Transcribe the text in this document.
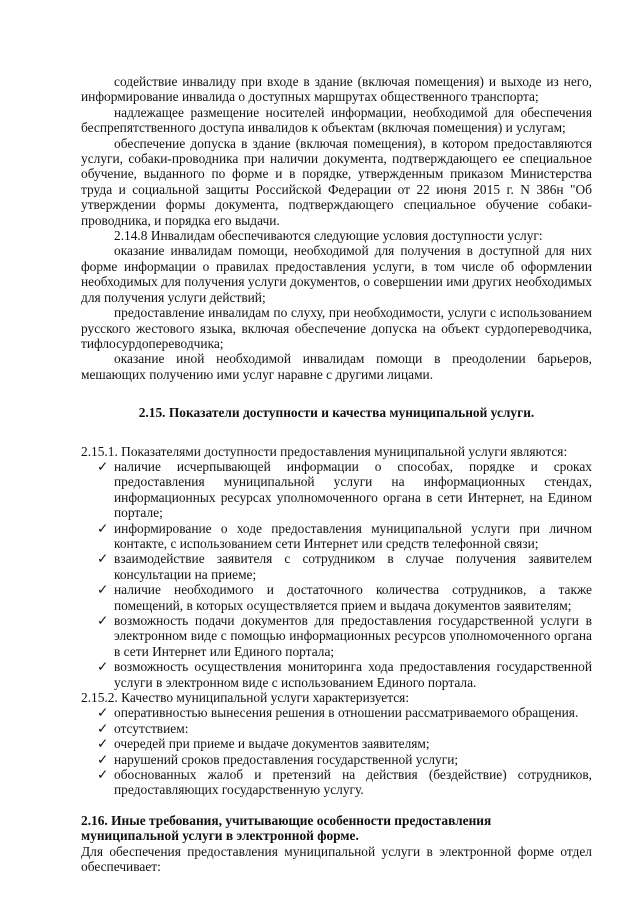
содействие инвалиду при входе в здание (включая помещения) и выходе из него, информирование инвалида о доступных маршрутах общественного транспорта;

надлежащее размещение носителей информации, необходимой для обеспечения беспрепятственного доступа инвалидов к объектам (включая помещения) и услугам;

обеспечение допуска в здание (включая помещения), в котором предоставляются услуги, собаки-проводника при наличии документа, подтверждающего ее специальное обучение, выданного по форме и в порядке, утвержденным приказом Министерства труда и социальной защиты Российской Федерации от 22 июня 2015 г. N 386н "Об утверждении формы документа, подтверждающего специальное обучение собаки-проводника, и порядка его выдачи.

2.14.8 Инвалидам обеспечиваются следующие условия доступности услуг:

оказание инвалидам помощи, необходимой для получения в доступной для них форме информации о правилах предоставления услуги, в том числе об оформлении необходимых для получения услуги документов, о совершении ими других необходимых для получения услуги действий;

предоставление инвалидам по слуху, при необходимости, услуги с использованием русского жестового языка, включая обеспечение допуска на объект сурдопереводчика, тифлосурдопереводчика;

оказание иной необходимой инвалидам помощи в преодолении барьеров, мешающих получению ими услуг наравне с другими лицами.

2.15. Показатели доступности и качества муниципальной услуги.

2.15.1. Показателями доступности предоставления муниципальной услуги являются:

✓ наличие исчерпывающей информации о способах, порядке и сроках предоставления муниципальной услуги на информационных стендах, информационных ресурсах уполномоченного органа в сети Интернет, на Едином портале;
✓ информирование о ходе предоставления муниципальной услуги при личном контакте, с использованием сети Интернет или средств телефонной связи;
✓ взаимодействие заявителя с сотрудником в случае получения заявителем консультации на приеме;
✓ наличие необходимого и достаточного количества сотрудников, а также помещений, в которых осуществляется прием и выдача документов заявителям;
✓ возможность подачи документов для предоставления государственной услуги в электронном виде с помощью информационных ресурсов уполномоченного органа в сети Интернет или Единого портала;
✓ возможность осуществления мониторинга хода предоставления государственной услуги в электронном виде с использованием Единого портала.

2.15.2. Качество муниципальной услуги характеризуется:

✓ оперативностью вынесения решения в отношении рассматриваемого обращения.
✓ отсутствием:
✓ очередей при приеме и выдаче документов заявителям;
✓ нарушений сроков предоставления государственной услуги;
✓ обоснованных жалоб и претензий на действия (бездействие) сотрудников, предоставляющих государственную услугу.

2.16. Иные требования, учитывающие особенности предоставления

муниципальной услуги в электронной форме.

Для обеспечения предоставления муниципальной услуги в электронной форме отдел обеспечивает:
